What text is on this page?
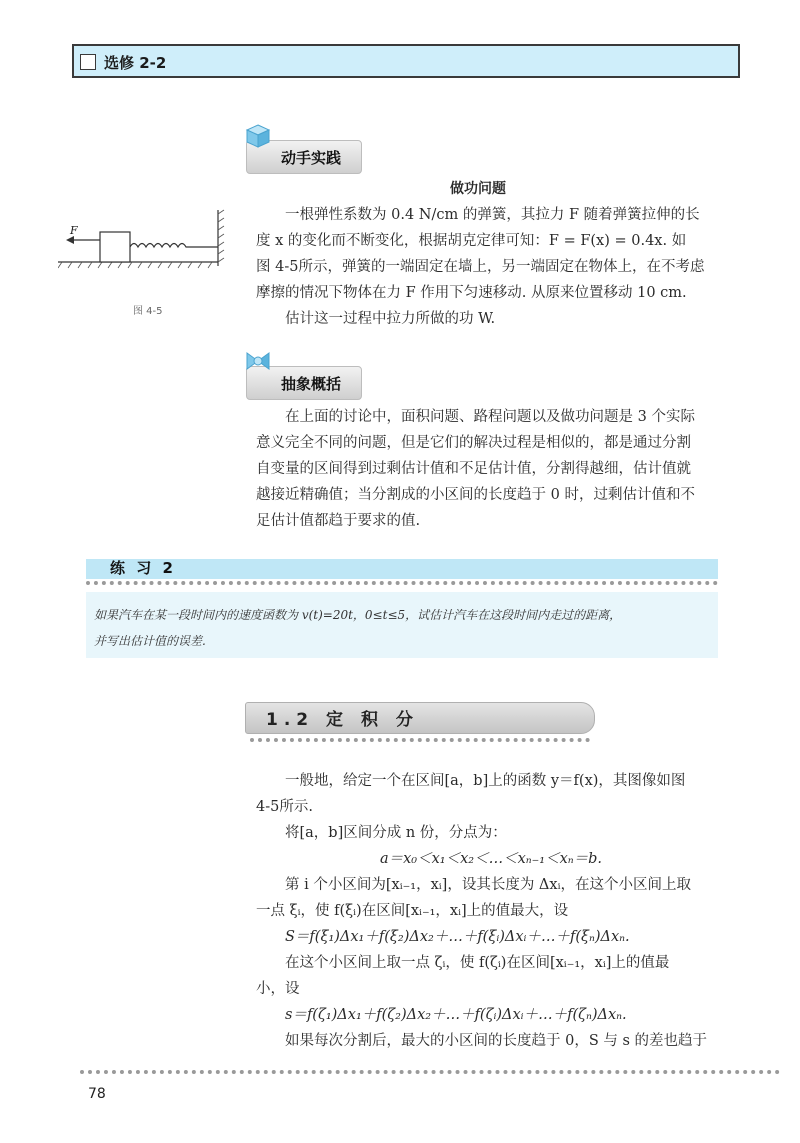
选修 2-2
动手实践
做功问题
一根弹性系数为 0.4 N/cm 的弹簧，其拉力 F 随着弹簧拉伸的长
度 x 的变化而不断变化，根据胡克定律可知：F = F(x) = 0.4x. 如
图 4-5所示，弹簧的一端固定在墙上，另一端固定在物体上，在不考虑
摩擦的情况下物体在力 F 作用下匀速移动. 从原来位置移动 10 cm.
估计这一过程中拉力所做的功 W.
F
图 4-5
抽象概括
在上面的讨论中，面积问题、路程问题以及做功问题是 3 个实际
意义完全不同的问题，但是它们的解决过程是相似的，都是通过分割
自变量的区间得到过剩估计值和不足估计值，分割得越细，估计值就
越接近精确值；当分割成的小区间的长度趋于 0 时，过剩估计值和不
足估计值都趋于要求的值.
练 习 2
如果汽车在某一段时间内的速度函数为 v(t)=20t，0≤t≤5，试估计汽车在这段时间内走过的距离，
并写出估计值的误差.
1.2 定 积 分
一般地，给定一个在区间[a，b]上的函数 y＝f(x)，其图像如图
4-5所示.
将[a，b]区间分成 n 份，分点为：
a＝x₀＜x₁＜x₂＜…＜xₙ₋₁＜xₙ＝b.
第 i 个小区间为[xᵢ₋₁，xᵢ]，设其长度为 Δxᵢ，在这个小区间上取
一点 ξᵢ，使 f(ξᵢ)在区间[xᵢ₋₁，xᵢ]上的值最大，设
S＝f(ξ₁)Δx₁＋f(ξ₂)Δx₂＋…＋f(ξᵢ)Δxᵢ＋…＋f(ξₙ)Δxₙ.
在这个小区间上取一点 ζᵢ，使 f(ζᵢ)在区间[xᵢ₋₁，xᵢ]上的值最
小，设
s＝f(ζ₁)Δx₁＋f(ζ₂)Δx₂＋…＋f(ζᵢ)Δxᵢ＋…＋f(ζₙ)Δxₙ.
如果每次分割后，最大的小区间的长度趋于 0，S 与 s 的差也趋于
78
